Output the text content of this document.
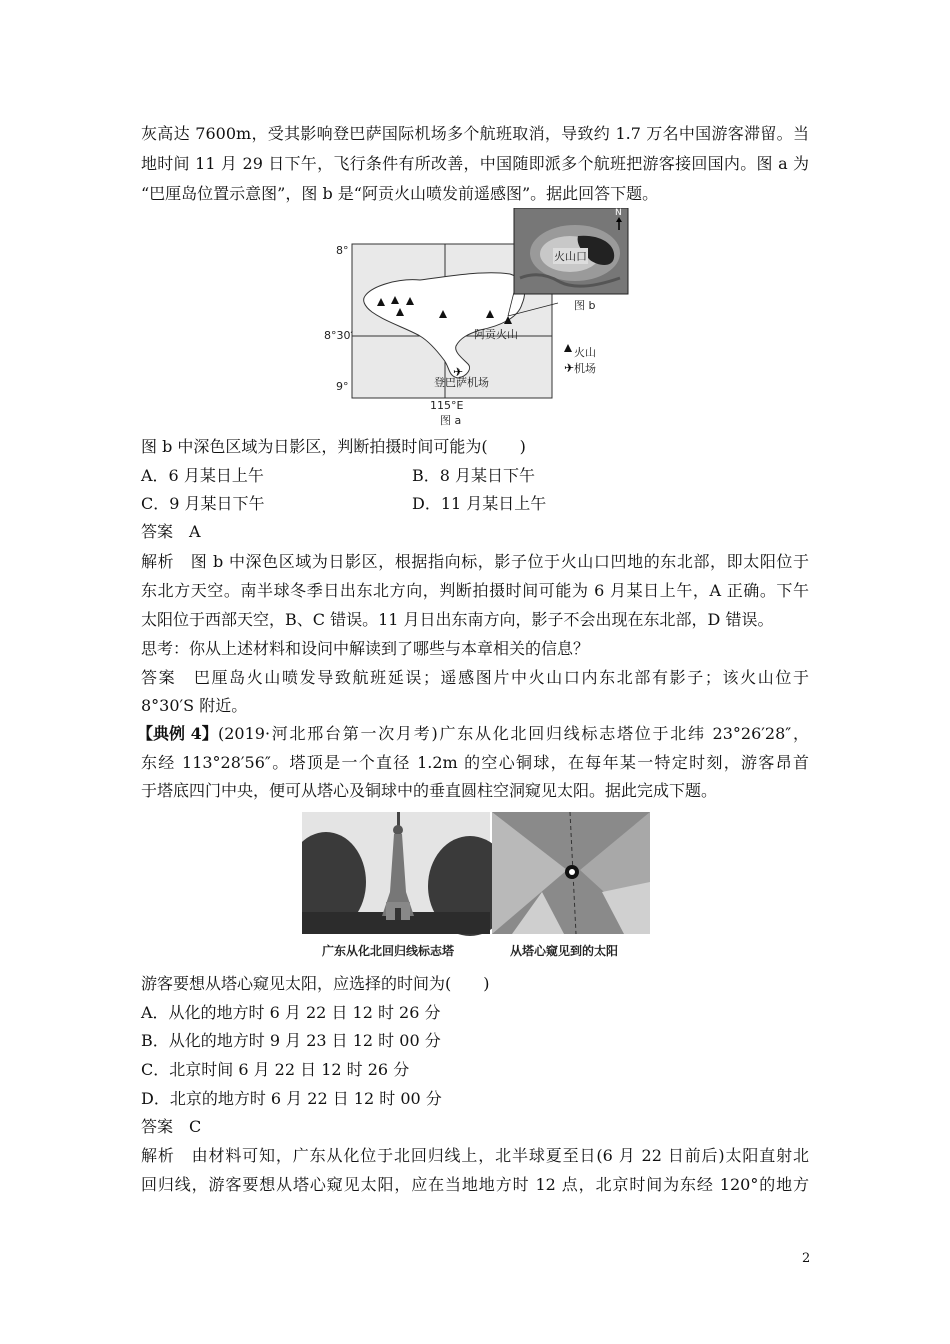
灰高达 7600m，受其影响登巴萨国际机场多个航班取消，导致约 1.7 万名中国游客滞留。当
地时间 11 月 29 日下午，飞行条件有所改善，中国随即派多个航班把游客接回国内。图 a 为
“巴厘岛位置示意图”，图 b 是“阿贡火山喷发前遥感图”。据此回答下题。
✈	✈
8°
8°30′
9°
115°E
图 a
图 b
N
火山口
阿贡火山
登巴萨机场
火山
机场
图 b 中深色区域为日影区，判断拍摄时间可能为(　　)
A．6 月某日上午	B．8 月某日下午
C．9 月某日下午	D．11 月某日上午
答案　A
解析　图 b 中深色区域为日影区，根据指向标，影子位于火山口凹地的东北部，即太阳位于
东北方天空。南半球冬季日出东北方向，判断拍摄时间可能为 6 月某日上午，A 正确。下午
太阳位于西部天空，B、C 错误。11 月日出东南方向，影子不会出现在东北部，D 错误。
思考：你从上述材料和设问中解读到了哪些与本章相关的信息？
答案　巴厘岛火山喷发导致航班延误；遥感图片中火山口内东北部有影子；该火山位于
8°30′S 附近。
【典例 4】 (2019·河北邢台第一次月考)广东从化北回归线标志塔位于北纬 23°26′28″，
东经 113°28′56″。塔顶是一个直径 1.2m 的空心铜球，在每年某一特定时刻，游客昂首
于塔底四门中央，便可从塔心及铜球中的垂直圆柱空洞窥见太阳。据此完成下题。
广东从化北回归线标志塔	从塔心窥见到的太阳
游客要想从塔心窥见太阳，应选择的时间为(　　)
A．从化的地方时 6 月 22 日 12 时 26 分
B．从化的地方时 9 月 23 日 12 时 00 分
C．北京时间 6 月 22 日 12 时 26 分
D．北京的地方时 6 月 22 日 12 时 00 分
答案　C
解析　由材料可知，广东从化位于北回归线上，北半球夏至日(6 月 22 日前后)太阳直射北
回归线，游客要想从塔心窥见太阳，应在当地地方时 12 点，北京时间为东经 120°的地方
2
